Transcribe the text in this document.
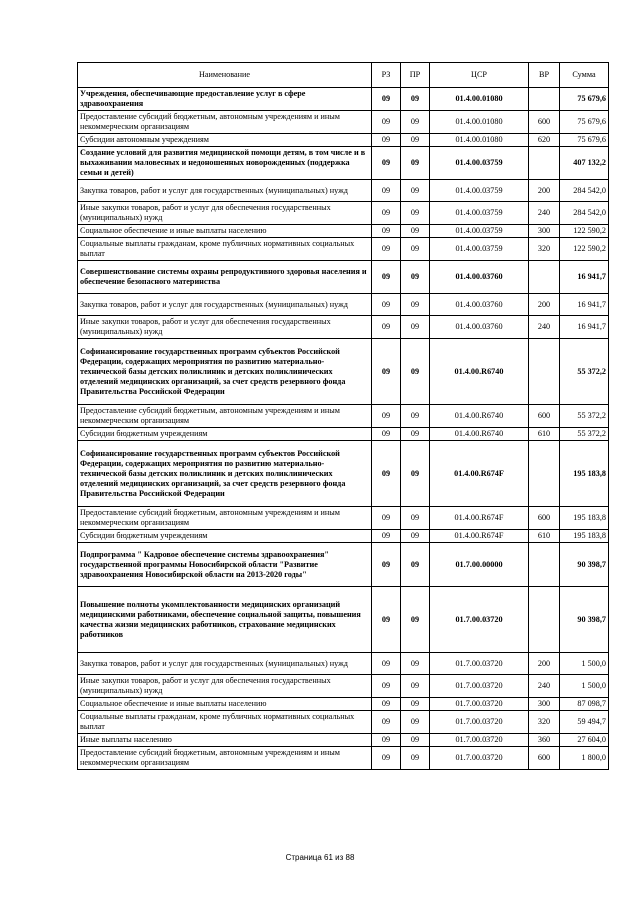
Наименование	РЗ	ПР	ЦСР	ВР	Сумма
Учреждения, обеспечивающие предоставление услуг в сфере здравоохранения	09	09	01.4.00.01080		75 679,6
Предоставление субсидий бюджетным, автономным учреждениям и иным некоммерческим организациям	09	09	01.4.00.01080	600	75 679,6
Субсидии автономным учреждениям	09	09	01.4.00.01080	620	75 679,6
Создание условий для развития медицинской помощи детям, в том числе и в выхаживании маловесных и недоношенных новорожденных (поддержка семьи и детей)	09	09	01.4.00.03759		407 132,2
Закупка товаров, работ и услуг для государственных (муниципальных) нужд	09	09	01.4.00.03759	200	284 542,0
Иные закупки товаров, работ и услуг для обеспечения государственных (муниципальных) нужд	09	09	01.4.00.03759	240	284 542,0
Социальное обеспечение и иные выплаты населению	09	09	01.4.00.03759	300	122 590,2
Социальные выплаты гражданам, кроме публичных нормативных социальных выплат	09	09	01.4.00.03759	320	122 590,2
Совершенствование системы охраны репродуктивного здоровья населения и обеспечение безопасного материнства	09	09	01.4.00.03760		16 941,7
Закупка товаров, работ и услуг для государственных (муниципальных) нужд	09	09	01.4.00.03760	200	16 941,7
Иные закупки товаров, работ и услуг для обеспечения государственных (муниципальных) нужд	09	09	01.4.00.03760	240	16 941,7
Софинансирование государственных программ субъектов Российской Федерации, содержащих мероприятия по развитию материально-технической базы детских поликлиник и детских поликлинических отделений медицинских организаций, за счет средств резервного фонда Правительства Российской Федерации	09	09	01.4.00.R6740		55 372,2
Предоставление субсидий бюджетным, автономным учреждениям и иным некоммерческим организациям	09	09	01.4.00.R6740	600	55 372,2
Субсидии бюджетным учреждениям	09	09	01.4.00.R6740	610	55 372,2
Софинансирование государственных программ субъектов Российской Федерации, содержащих мероприятия по развитию материально-технической базы детских поликлиник и детских поликлинических отделений медицинских организаций, за счет средств резервного фонда Правительства Российской Федерации	09	09	01.4.00.R674F		195 183,8
Предоставление субсидий бюджетным, автономным учреждениям и иным некоммерческим организациям	09	09	01.4.00.R674F	600	195 183,8
Субсидии бюджетным учреждениям	09	09	01.4.00.R674F	610	195 183,8
Подпрограмма " Кадровое обеспечение системы здравоохранения" государственной программы Новосибирской области "Развитие здравоохранения Новосибирской области на 2013-2020 годы"	09	09	01.7.00.00000		90 398,7
Повышение полноты укомплектованности медицинских организаций медицинскими работниками, обеспечение социальной защиты, повышения качества жизни медицинских работников, страхование медицинских работников	09	09	01.7.00.03720		90 398,7
Закупка товаров, работ и услуг для государственных (муниципальных) нужд	09	09	01.7.00.03720	200	1 500,0
Иные закупки товаров, работ и услуг для обеспечения государственных (муниципальных) нужд	09	09	01.7.00.03720	240	1 500,0
Социальное обеспечение и иные выплаты населению	09	09	01.7.00.03720	300	87 098,7
Социальные выплаты гражданам, кроме публичных нормативных социальных выплат	09	09	01.7.00.03720	320	59 494,7
Иные выплаты населению	09	09	01.7.00.03720	360	27 604,0
Предоставление субсидий бюджетным, автономным учреждениям и иным некоммерческим организациям	09	09	01.7.00.03720	600	1 800,0
Страница 61 из 88
